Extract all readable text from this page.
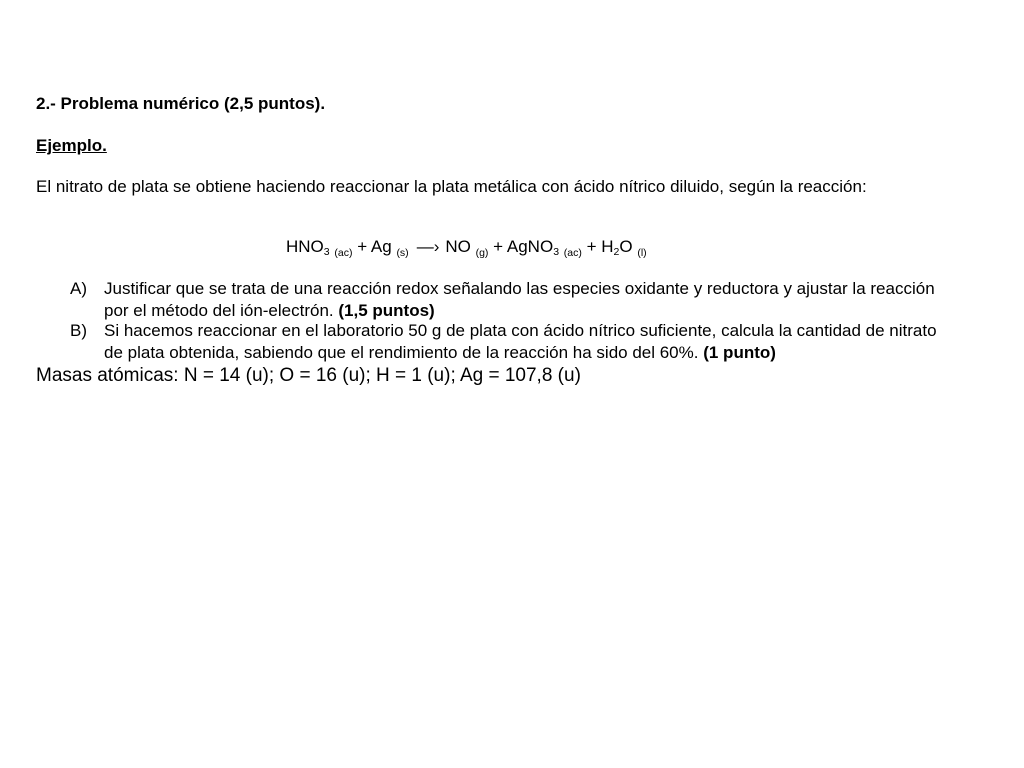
2.- Problema numérico (2,5 puntos).
Ejemplo.

El nitrato de plata se obtiene haciendo reaccionar la plata metálica con ácido nítrico diluido, según la reacción:

$HNO_3$ $_{(ac)}$ + Ag $_{(s)}$ —› NO $_{(g)}$ + AgNO$_3$ $_{(ac)} + H_2O$ $_{(l)}$
A) Justificar que se trata de una reacción redox señalando las especies oxidante y reductora y ajustar la reacción por el método del ión-electrón. (1,5 puntos)
B) Si hacemos reaccionar en el laboratorio 50 g de plata con ácido nítrico suficiente, calcula la cantidad de nitrato de plata obtenida, sabiendo que el rendimiento de la reacción ha sido del 60%. (1 punto)
Masas atómicas: N = 14 (u); O = 16 (u); H = 1 (u); Ag = 107,8 (u)
